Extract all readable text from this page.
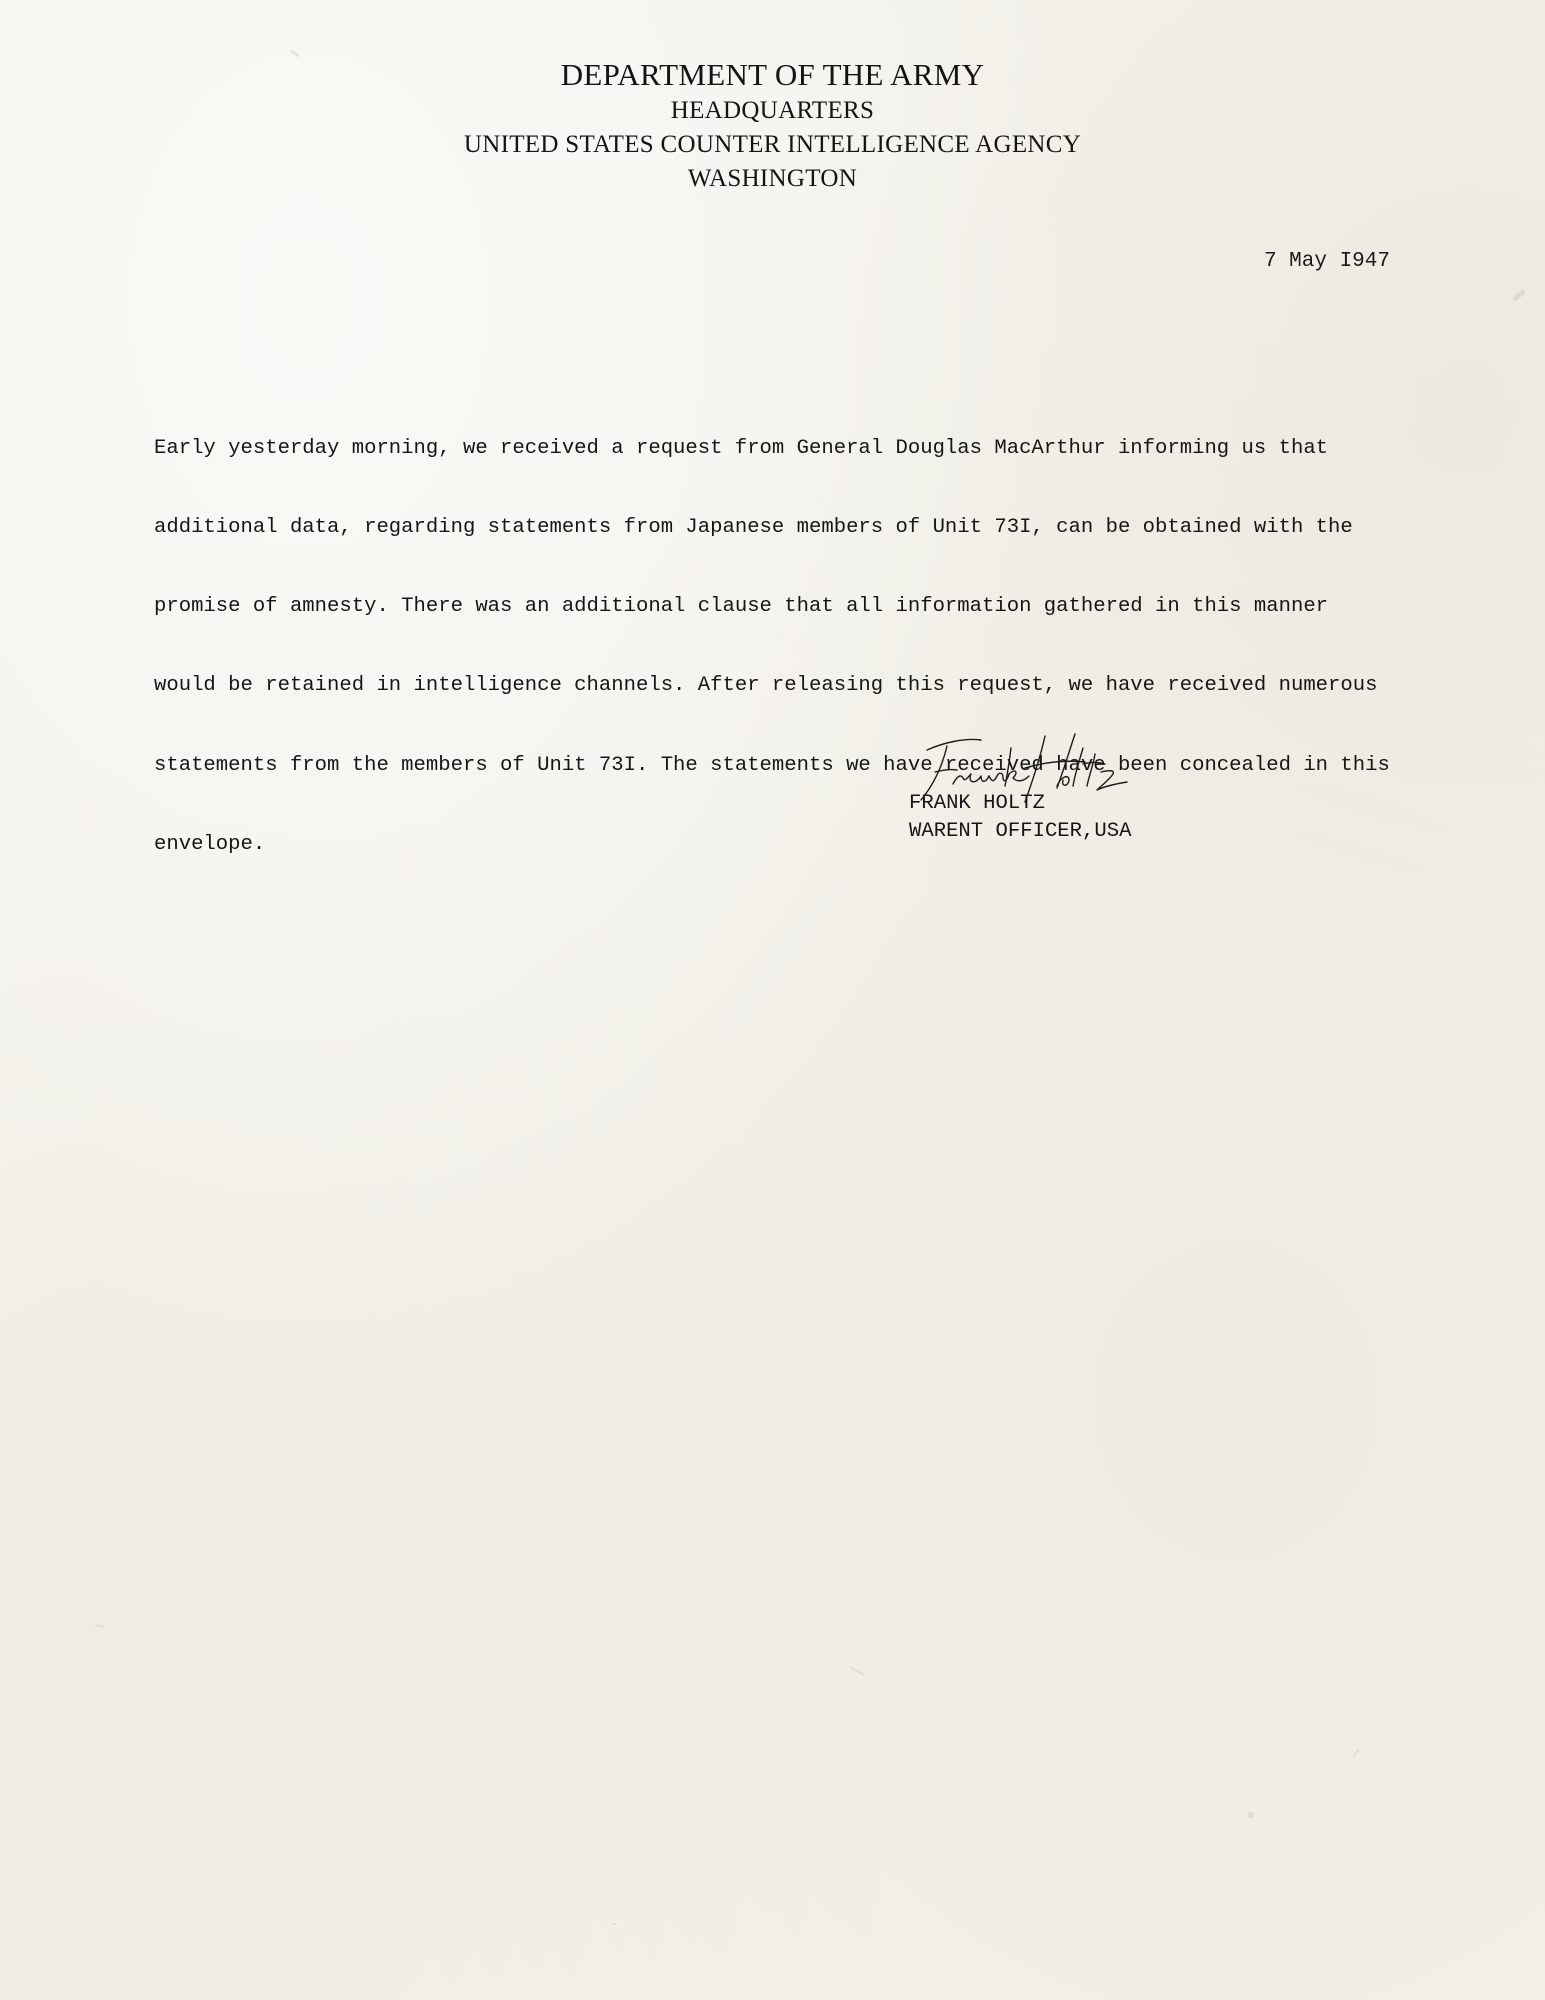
DEPARTMENT OF THE ARMY
HEADQUARTERS
UNITED STATES COUNTER INTELLIGENCE AGENCY
WASHINGTON
7 May I947

Early yesterday morning, we received a request from General Douglas MacArthur informing us that

additional data, regarding statements from Japanese members of Unit 73I, can be obtained with the

promise of amnesty. There was an additional clause that all information gathered in this manner

would be retained in intelligence channels. After releasing this request, we have received numerous

statements from the members of Unit 73I. The statements we have received have been concealed in this

envelope.

FRANK HOLTZ
WARENT OFFICER,USA
